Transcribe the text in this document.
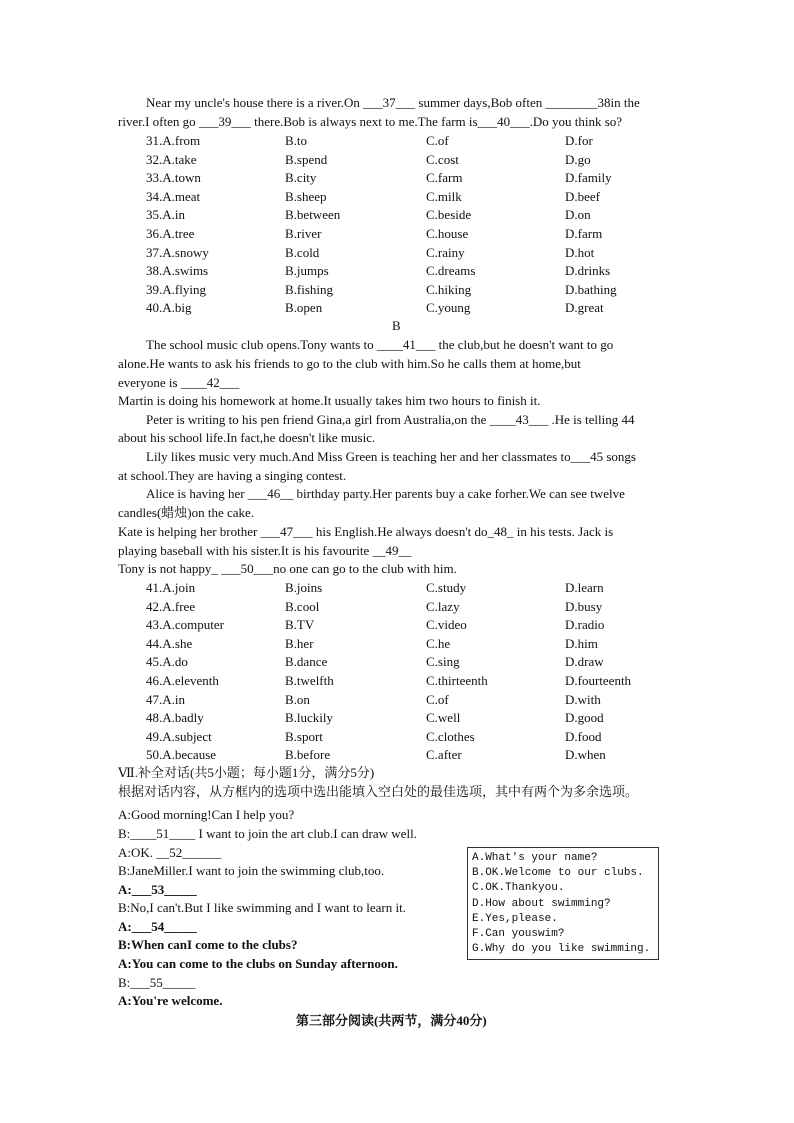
Near my uncle's house there is a river.On ___37___ summer days,Bob often ________38in the
river.I often go ___39___ there.Bob is always next to me.The farm is___40___.Do you think so?
31.A.from	B.to	C.of	D.for
32.A.take	B.spend	C.cost	D.go
33.A.town	B.city	C.farm	D.family
34.A.meat	B.sheep	C.milk	D.beef
35.A.in	B.between	C.beside	D.on
36.A.tree	B.river	C.house	D.farm
37.A.snowy	B.cold	C.rainy	D.hot
38.A.swims	B.jumps	C.dreams	D.drinks
39.A.flying	B.fishing	C.hiking	D.bathing
40.A.big	B.open	C.young	D.great
B
The school music club opens.Tony wants to ____41___ the club,but he doesn't want to go
alone.He wants to ask his friends to go to the club with him.So he calls them at home,but
everyone is ____42___
Martin is doing his homework at home.It usually takes him two hours to finish it.
Peter is writing to his pen friend Gina,a girl from Australia,on the ____43___ .He is telling 44
about his school life.In fact,he doesn't like music.
Lily likes music very much.And Miss Green is teaching her and her classmates to___45 songs
at school.They are having a singing contest.
Alice is having her ___46__ birthday party.Her parents buy a cake forher.We can see twelve
candles(蜡烛)on the cake.
Kate is helping her brother ___47___ his English.He always doesn't do_48_ in his tests. Jack is
playing baseball with his sister.It is his favourite __49__
Tony is not happy_ ___50___no one can go to the club with him.
41.A.join	B.joins	C.study	D.learn
42.A.free	B.cool	C.lazy	D.busy
43.A.computer	B.TV	C.video	D.radio
44.A.she	B.her	C.he	D.him
45.A.do	B.dance	C.sing	D.draw
46.A.eleventh	B.twelfth	C.thirteenth	D.fourteenth
47.A.in	B.on	C.of	D.with
48.A.badly	B.luckily	C.well	D.good
49.A.subject	B.sport	C.clothes	D.food
50.A.because	B.before	C.after	D.when
Ⅶ.补全对话(共5小题；每小题1分，满分5分)
根据对话内容，从方框内的选项中选出能填入空白处的最佳选项，其中有两个为多余选项。
A:Good morning!Can I help you?
B:____51____ I want to join the art club.I can draw well.
A:OK. __52______
B:JaneMiller.I want to join the swimming club,too.
A:___53_____
B:No,I can't.But I like swimming and I want to learn it.
A:___54_____
B:When canI come to the clubs?
A:You can come to the clubs on Sunday afternoon.
B:___55_____
A:You're welcome.
A.What's your name?
B.OK.Welcome to our clubs.
C.OK.Thankyou.
D.How about swimming?
E.Yes,please.
F.Can youswim?
G.Why do you like swimming.
第三部分阅读(共两节，满分40分)
